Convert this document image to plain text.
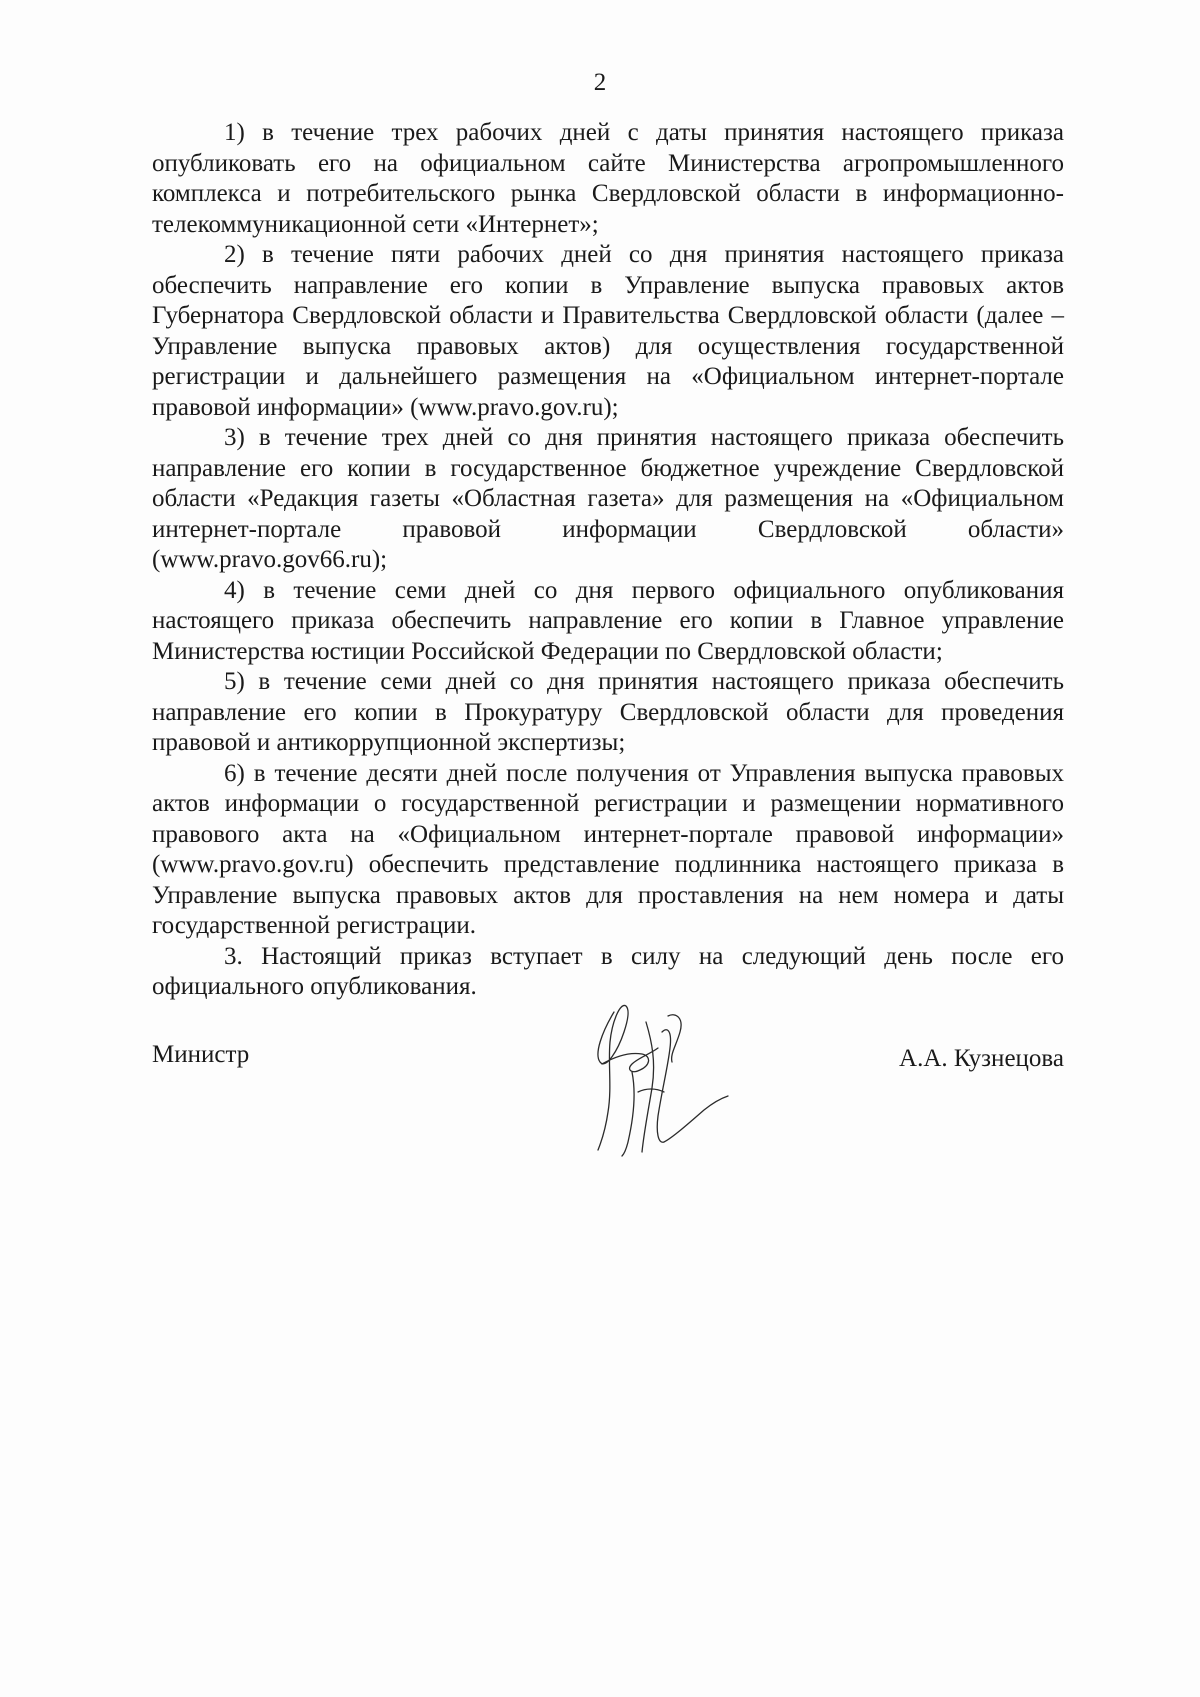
2

1) в течение трех рабочих дней с даты принятия настоящего приказа опубликовать его на официальном сайте Министерства агропромышленного комплекса и потребительского рынка Свердловской области в информационно-телекоммуникационной сети «Интернет»;

2) в течение пяти рабочих дней со дня принятия настоящего приказа обеспечить направление его копии в Управление выпуска правовых актов Губернатора Свердловской области и Правительства Свердловской области (далее – Управление выпуска правовых актов) для осуществления государственной регистрации и дальнейшего размещения на «Официальном интернет-портале правовой информации» (www.pravo.gov.ru);

3) в течение трех дней со дня принятия настоящего приказа обеспечить направление его копии в государственное бюджетное учреждение Свердловской области «Редакция газеты «Областная газета» для размещения на «Официальном интернет-портале правовой информации Свердловской области» (www.pravo.gov66.ru);

4) в течение семи дней со дня первого официального опубликования настоящего приказа обеспечить направление его копии в Главное управление Министерства юстиции Российской Федерации по Свердловской области;

5) в течение семи дней со дня принятия настоящего приказа обеспечить направление его копии в Прокуратуру Свердловской области для проведения правовой и антикоррупционной экспертизы;

6) в течение десяти дней после получения от Управления выпуска правовых актов информации о государственной регистрации и размещении нормативного правового акта на «Официальном интернет-портале правовой информации» (www.pravo.gov.ru) обеспечить представление подлинника настоящего приказа в Управление выпуска правовых актов для проставления на нем номера и даты государственной регистрации.

3. Настоящий приказ вступает в силу на следующий день после его официального опубликования.

Министр	А.А. Кузнецова
